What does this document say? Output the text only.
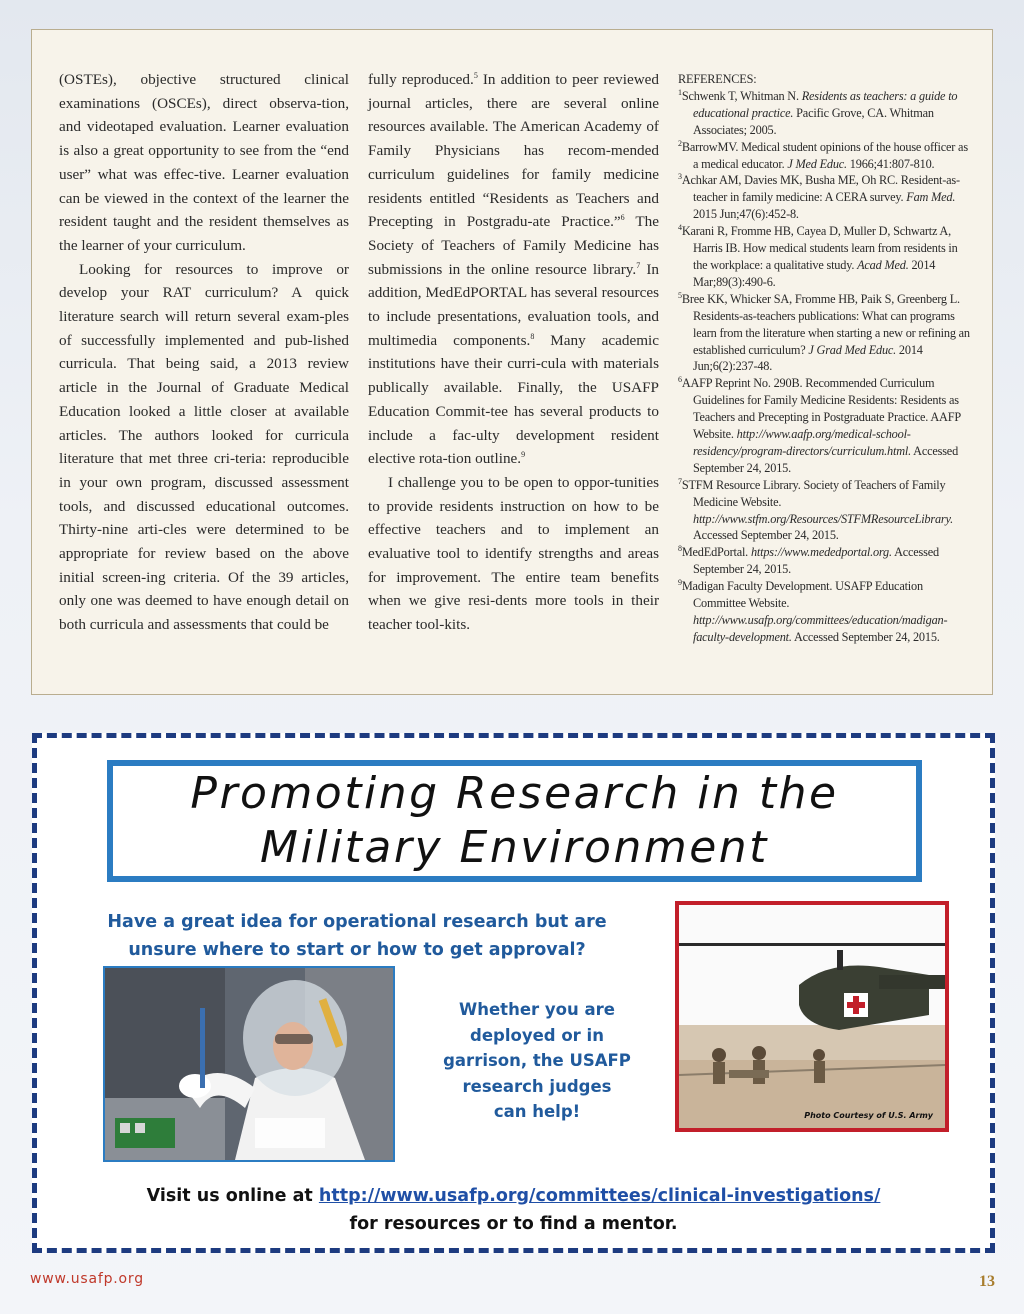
(OSTEs), objective structured clinical examinations (OSCEs), direct observa-tion, and videotaped evaluation. Learner evaluation is also a great opportunity to see from the “end user” what was effec-tive. Learner evaluation can be viewed in the context of the learner the resident taught and the resident themselves as the learner of your curriculum.

Looking for resources to improve or develop your RAT curriculum? A quick literature search will return several exam-ples of successfully implemented and pub-lished curricula. That being said, a 2013 review article in the Journal of Graduate Medical Education looked a little closer at available articles. The authors looked for curricula literature that met three cri-teria: reproducible in your own program, discussed assessment tools, and discussed educational outcomes. Thirty-nine arti-cles were determined to be appropriate for review based on the above initial screen-ing criteria. Of the 39 articles, only one was deemed to have enough detail on both curricula and assessments that could be

fully reproduced.$^5$ In addition to peer reviewed journal articles, there are several online resources available. The American Academy of Family Physicians has recom-mended curriculum guidelines for family medicine residents entitled “Residents as Teachers and Precepting in Postgradu-ate Practice.”$^6$ The Society of Teachers of Family Medicine has submissions in the online resource library.$^7$ In addition, MedEdPORTAL has several resources to include presentations, evaluation tools, and multimedia components.$^8$ Many academic institutions have their curri-cula with materials publically available. Finally, the USAFP Education Commit-tee has several products to include a fac-ulty development resident elective rota-tion outline.$^9$

I challenge you to be open to oppor-tunities to provide residents instruction on how to be effective teachers and to implement an evaluative tool to identify strengths and areas for improvement. The entire team benefits when we give resi-dents more tools in their teacher tool-kits.

REFERENCES:

$^1$Schwenk T, Whitman N. Residents as teachers: a guide to educational practice. Pacific Grove, CA. Whitman Associates; 2005.

$^2$BarrowMV. Medical student opinions of the house officer as a medical educator. J Med Educ. 1966;41:807-810.

$^3$Achkar AM, Davies MK, Busha ME, Oh RC. Resident-as-teacher in family medicine: A CERA survey. Fam Med. 2015 Jun;47(6):452-8.

$^4$Karani R, Fromme HB, Cayea D, Muller D, Schwartz A, Harris IB. How medical students learn from residents in the workplace: a qualitative study. Acad Med. 2014 Mar;89(3):490-6.

$^5$Bree KK, Whicker SA, Fromme HB, Paik S, Greenberg L. Residents-as-teachers publications: What can programs learn from the literature when starting a new or refining an established curriculum? J Grad Med Educ. 2014 Jun;6(2):237-48.

$^6$AAFP Reprint No. 290B. Recommended Curriculum Guidelines for Family Medicine Residents: Residents as Teachers and Precepting in Postgraduate Practice. AAFP Website. http://www.aafp.org/medical-school-residency/program-directors/curriculum.html. Accessed September 24, 2015.

$^7$STFM Resource Library. Society of Teachers of Family Medicine Website. http://www.stfm.org/Resources/STFMResourceLibrary. Accessed September 24, 2015.

$^8$MedEdPortal. https://www.mededportal.org. Accessed September 24, 2015.

$^9$Madigan Faculty Development. USAFP Education Committee Website. http://www.usafp.org/committees/education/madigan-faculty-development. Accessed September 24, 2015.

Promoting Research in the
Military Environment
Have a great idea for operational research but are unsure where to start or how to get approval?
Whether you are
deployed or in
garrison, the USAFP
research judges
can help!	Photo Courtesy of U.S. Army
Visit us online at http://www.usafp.org/committees/clinical-investigations/
for resources or to find a mentor.
www.usafp.org	13
